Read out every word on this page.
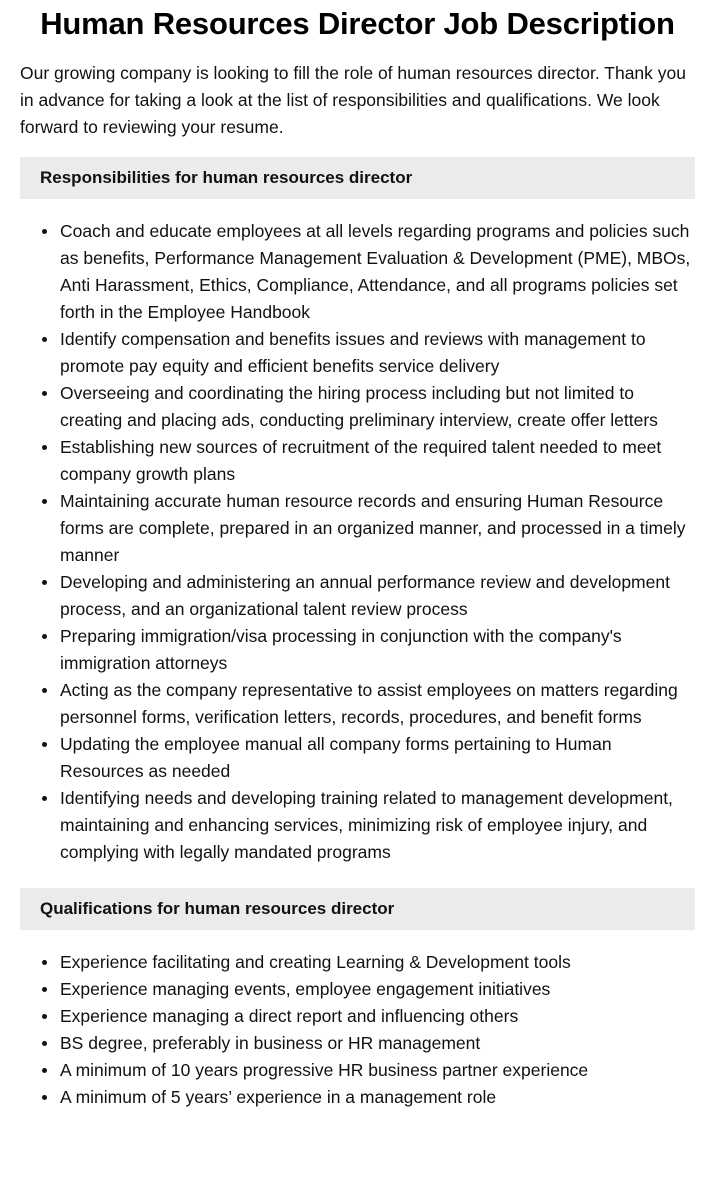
Human Resources Director Job Description

Our growing company is looking to fill the role of human resources director. Thank you in advance for taking a look at the list of responsibilities and qualifications. We look forward to reviewing your resume.

Responsibilities for human resources director
Coach and educate employees at all levels regarding programs and policies such as benefits, Performance Management Evaluation & Development (PME), MBOs, Anti Harassment, Ethics, Compliance, Attendance, and all programs policies set forth in the Employee Handbook
Identify compensation and benefits issues and reviews with management to promote pay equity and efficient benefits service delivery
Overseeing and coordinating the hiring process including but not limited to creating and placing ads, conducting preliminary interview, create offer letters
Establishing new sources of recruitment of the required talent needed to meet company growth plans
Maintaining accurate human resource records and ensuring Human Resource forms are complete, prepared in an organized manner, and processed in a timely manner
Developing and administering an annual performance review and development process, and an organizational talent review process
Preparing immigration/visa processing in conjunction with the company's immigration attorneys
Acting as the company representative to assist employees on matters regarding personnel forms, verification letters, records, procedures, and benefit forms
Updating the employee manual all company forms pertaining to Human Resources as needed
Identifying needs and developing training related to management development, maintaining and enhancing services, minimizing risk of employee injury, and complying with legally mandated programs
Qualifications for human resources director
Experience facilitating and creating Learning & Development tools
Experience managing events, employee engagement initiatives
Experience managing a direct report and influencing others
BS degree, preferably in business or HR management
A minimum of 10 years progressive HR business partner experience
A minimum of 5 years’ experience in a management role
